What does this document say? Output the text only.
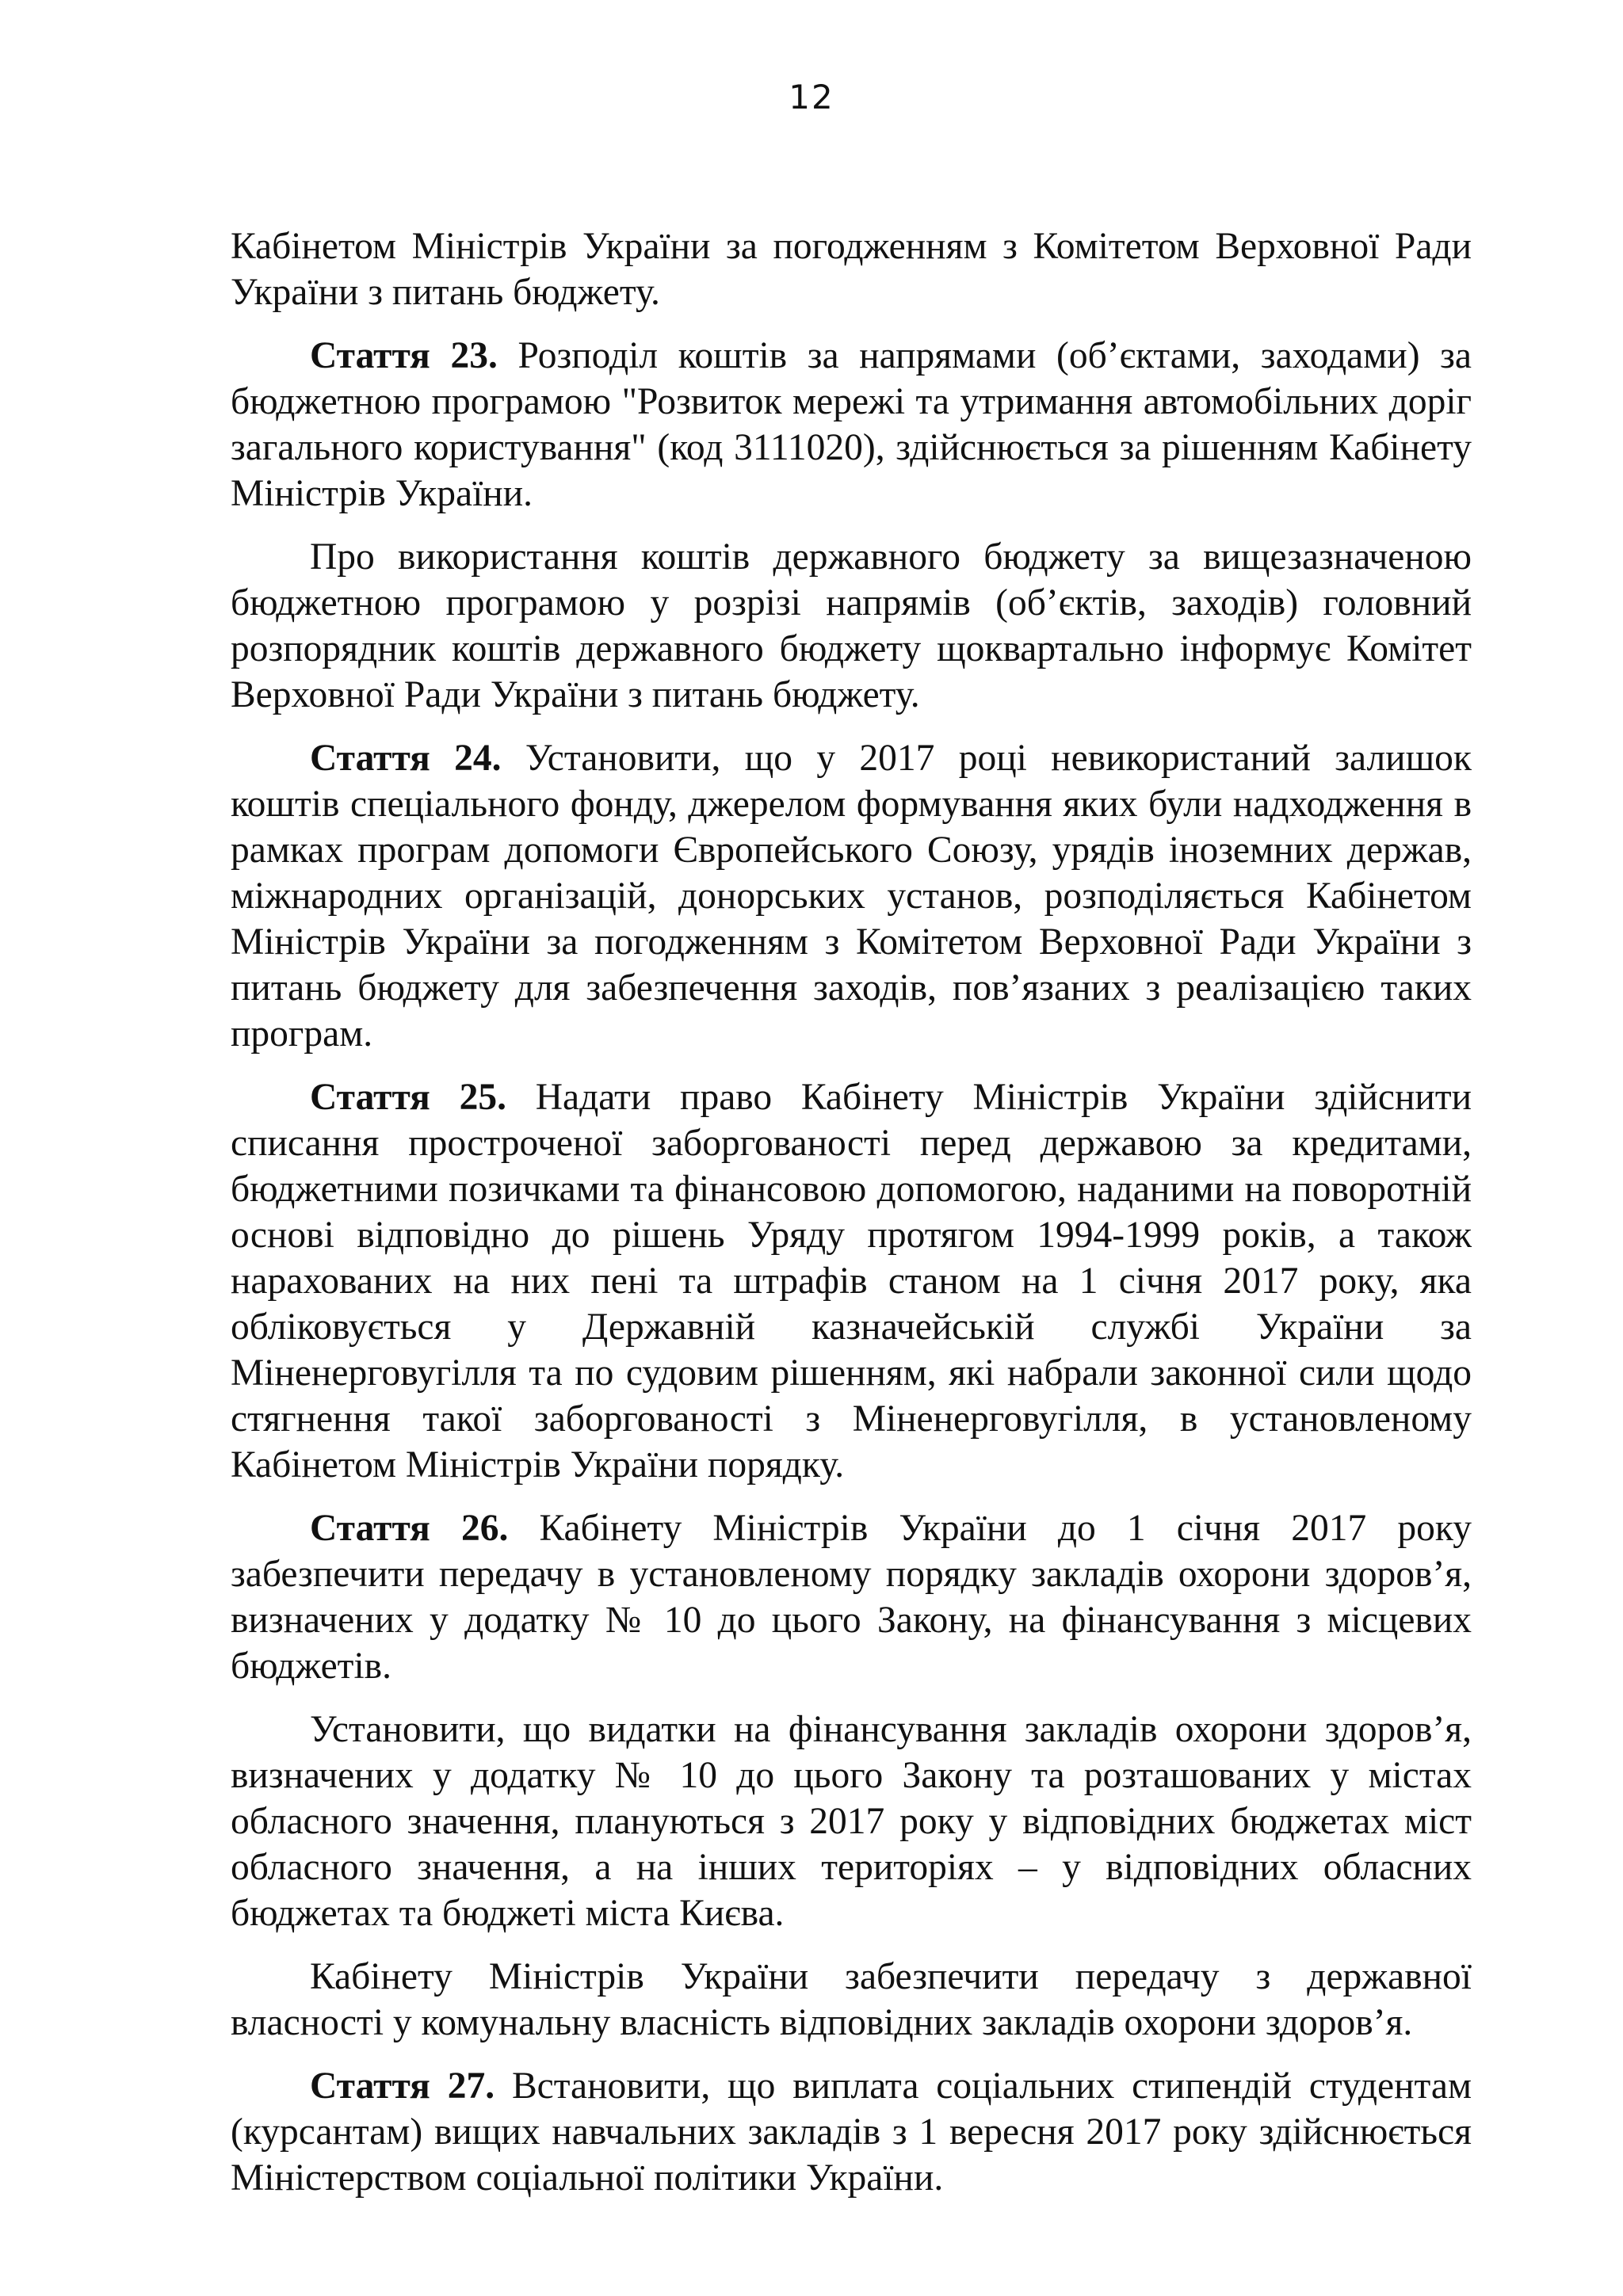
12

Кабінетом Міністрів України за погодженням з Комітетом Верховної Ради України з питань бюджету.

Стаття 23. Розподіл коштів за напрямами (об’єктами, заходами) за бюджетною програмою "Розвиток мережі та утримання автомобільних доріг загального користування" (код 3111020), здійснюється за рішенням Кабінету Міністрів України.

Про використання коштів державного бюджету за вищезазначеною бюджетною програмою у розрізі напрямів (об’єктів, заходів) головний розпорядник коштів державного бюджету щоквартально інформує Комітет Верховної Ради України з питань бюджету.

Стаття 24. Установити, що у 2017 році невикористаний залишок коштів спеціального фонду, джерелом формування яких були надходження в рамках програм допомоги Європейського Союзу, урядів іноземних держав, міжнародних організацій, донорських установ, розподіляється Кабінетом Міністрів України за погодженням з Комітетом Верховної Ради України з питань бюджету для забезпечення заходів, пов’язаних з реалізацією таких програм.

Стаття 25. Надати право Кабінету Міністрів України здійснити списання простроченої заборгованості перед державою за кредитами, бюджетними позичками та фінансовою допомогою, наданими на поворотній основі відповідно до рішень Уряду протягом 1994-1999 років, а також нарахованих на них пені та штрафів станом на 1 січня 2017 року, яка обліковується у Державній казначейській службі України за Міненерговугілля та по судовим рішенням, які набрали законної сили щодо стягнення такої заборгованості з Міненерговугілля, в установленому Кабінетом Міністрів України порядку.

Стаття 26. Кабінету Міністрів України до 1 січня 2017 року забезпечити передачу в установленому порядку закладів охорони здоров’я, визначених у додатку № 10 до цього Закону, на фінансування з місцевих бюджетів.

Установити, що видатки на фінансування закладів охорони здоров’я, визначених у додатку № 10 до цього Закону та розташованих у містах обласного значення, плануються з 2017 року у відповідних бюджетах міст обласного значення, а на інших територіях – у відповідних обласних бюджетах та бюджеті міста Києва.

Кабінету Міністрів України забезпечити передачу з державної власності у комунальну власність відповідних закладів охорони здоров’я.

Стаття 27. Встановити, що виплата соціальних стипендій студентам (курсантам) вищих навчальних закладів з 1 вересня 2017 року здійснюється Міністерством соціальної політики України.
